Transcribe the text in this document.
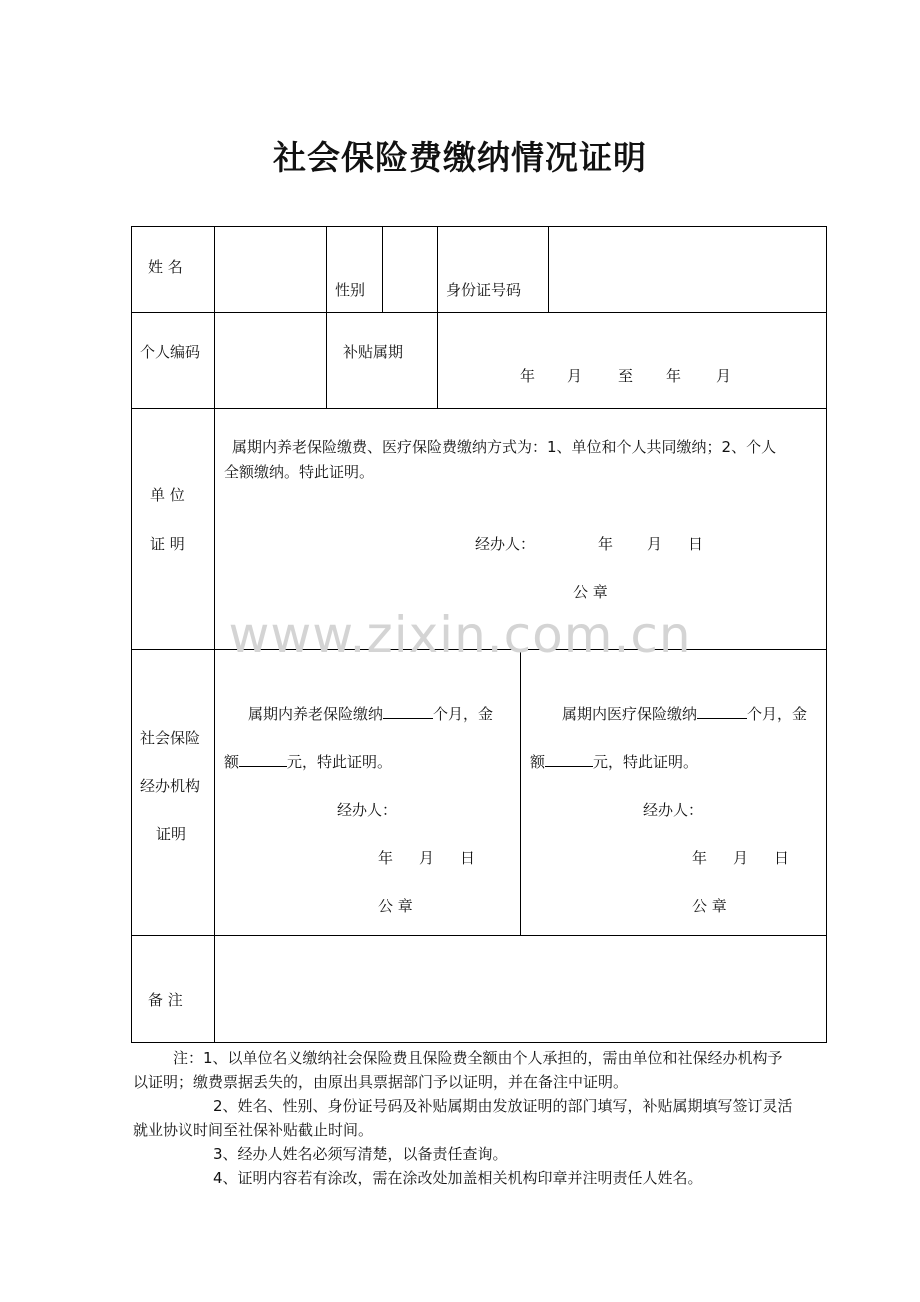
社会保险费缴纳情况证明
姓 名
性别	身份证号码
个人编码	补贴属期
年 月 至 年 月
单 位
证 明
属期内养老保险缴费、医疗保险费缴纳方式为：1、单位和个人共同缴纳；2、个人
全额缴纳。特此证明。
经办人：	年 月 日
公 章
www.zixin.com.cn
社会保险
经办机构
证明
属期内养老保险缴纳	个月，金
额	元，特此证明。
经办人：
年 月 日
公 章
属期内医疗保险缴纳	个月，金
额	元，特此证明。
经办人：
年 月 日
公 章
备 注

注：1、以单位名义缴纳社会保险费且保险费全额由个人承担的，需由单位和社保经办机构予

以证明；缴费票据丢失的，由原出具票据部门予以证明，并在备注中证明。

2、姓名、性别、身份证号码及补贴属期由发放证明的部门填写，补贴属期填写签订灵活

就业协议时间至社保补贴截止时间。

3、经办人姓名必须写清楚，以备责任查询。

4、证明内容若有涂改，需在涂改处加盖相关机构印章并注明责任人姓名。
